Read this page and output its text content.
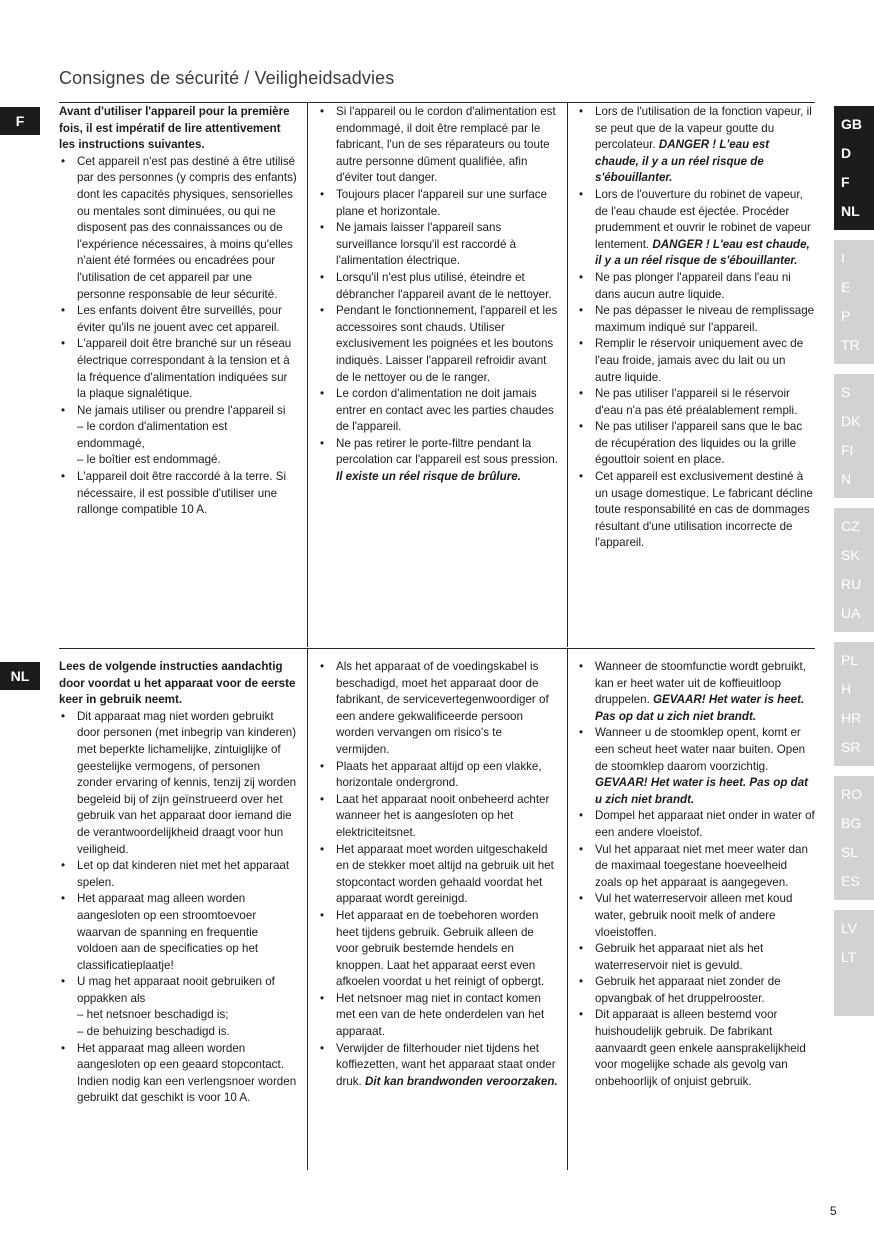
Consignes de sécurité / Veiligheidsadvies
F
Avant d'utiliser l'appareil pour la première fois, il est impératif de lire attentivement les instructions suivantes.
• Cet appareil n'est pas destiné à être utilisé par des personnes (y compris des enfants) dont les capacités physiques, sensorielles ou mentales sont diminuées, ou qui ne disposent pas des connaissances ou de l'expérience nécessaires, à moins qu'elles n'aient été formées ou encadrées pour l'utilisation de cet appareil par une personne responsable de leur sécurité.
• Les enfants doivent être surveillés, pour éviter qu'ils ne jouent avec cet appareil.
• L'appareil doit être branché sur un réseau électrique correspondant à la tension et à la fréquence d'alimentation indiquées sur la plaque signalétique.
• Ne jamais utiliser ou prendre l'appareil si
– le cordon d'alimentation est endommagé,
– le boîtier est endommagé.
• L'appareil doit être raccordé à la terre. Si nécessaire, il est possible d'utiliser une rallonge compatible 10 A.
• Si l'appareil ou le cordon d'alimentation est endommagé, il doit être remplacé par le fabricant, l'un de ses réparateurs ou toute autre personne dûment qualifiée, afin d'éviter tout danger.
• Toujours placer l'appareil sur une surface plane et horizontale.
• Ne jamais laisser l'appareil sans surveillance lorsqu'il est raccordé à l'alimentation électrique.
• Lorsqu'il n'est plus utilisé, éteindre et débrancher l'appareil avant de le nettoyer.
• Pendant le fonctionnement, l'appareil et les accessoires sont chauds. Utiliser exclusivement les poignées et les boutons indiqués. Laisser l'appareil refroidir avant de le nettoyer ou de le ranger.
• Le cordon d'alimentation ne doit jamais entrer en contact avec les parties chaudes de l'appareil.
• Ne pas retirer le porte-filtre pendant la percolation car l'appareil est sous pression. Il existe un réel risque de brûlure.
• Lors de l'utilisation de la fonction vapeur, il se peut que de la vapeur goutte du percolateur. DANGER ! L'eau est chaude, il y a un réel risque de s'ébouillanter.
• Lors de l'ouverture du robinet de vapeur, de l'eau chaude est éjectée. Procéder prudemment et ouvrir le robinet de vapeur lentement. DANGER ! L'eau est chaude, il y a un réel risque de s'ébouillanter.
• Ne pas plonger l'appareil dans l'eau ni dans aucun autre liquide.
• Ne pas dépasser le niveau de remplissage maximum indiqué sur l'appareil.
• Remplir le réservoir uniquement avec de l'eau froide, jamais avec du lait ou un autre liquide.
• Ne pas utiliser l'appareil si le réservoir d'eau n'a pas été préalablement rempli.
• Ne pas utiliser l'appareil sans que le bac de récupération des liquides ou la grille égouttoir soient en place.
• Cet appareil est exclusivement destiné à un usage domestique. Le fabricant décline toute responsabilité en cas de dommages résultant d'une utilisation incorrecte de l'appareil.
NL
Lees de volgende instructies aandachtig door voordat u het apparaat voor de eerste keer in gebruik neemt.
• Dit apparaat mag niet worden gebruikt door personen (met inbegrip van kinderen) met beperkte lichamelijke, zintuiglijke of geestelijke vermogens, of personen zonder ervaring of kennis, tenzij zij worden begeleid bij of zijn geïnstrueerd over het gebruik van het apparaat door iemand die de verantwoordelijkheid draagt voor hun veiligheid.
• Let op dat kinderen niet met het apparaat spelen.
• Het apparaat mag alleen worden aangesloten op een stroomtoevoer waarvan de spanning en frequentie voldoen aan de specificaties op het classificatieplaatje!
• U mag het apparaat nooit gebruiken of oppakken als
– het netsnoer beschadigd is;
– de behuizing beschadigd is.
• Het apparaat mag alleen worden aangesloten op een geaard stopcontact. Indien nodig kan een verlengsnoer worden gebruikt dat geschikt is voor 10 A.
• Als het apparaat of de voedingskabel is beschadigd, moet het apparaat door de fabrikant, de servicevertegenwoordiger of een andere gekwalificeerde persoon worden vervangen om risico's te vermijden.
• Plaats het apparaat altijd op een vlakke, horizontale ondergrond.
• Laat het apparaat nooit onbeheerd achter wanneer het is aangesloten op het elektriciteitsnet.
• Het apparaat moet worden uitgeschakeld en de stekker moet altijd na gebruik uit het stopcontact worden gehaald voordat het apparaat wordt gereinigd.
• Het apparaat en de toebehoren worden heet tijdens gebruik. Gebruik alleen de voor gebruik bestemde hendels en knoppen. Laat het apparaat eerst even afkoelen voordat u het reinigt of opbergt.
• Het netsnoer mag niet in contact komen met een van de hete onderdelen van het apparaat.
• Verwijder de filterhouder niet tijdens het koffiezetten, want het apparaat staat onder druk. Dit kan brandwonden veroorzaken.
• Wanneer de stoomfunctie wordt gebruikt, kan er heet water uit de koffieuitloop druppelen. GEVAAR! Het water is heet. Pas op dat u zich niet brandt.
• Wanneer u de stoomklep opent, komt er een scheut heet water naar buiten. Open de stoomklep daarom voorzichtig. GEVAAR! Het water is heet. Pas op dat u zich niet brandt.
• Dompel het apparaat niet onder in water of een andere vloeistof.
• Vul het apparaat niet met meer water dan de maximaal toegestane hoeveelheid zoals op het apparaat is aangegeven.
• Vul het waterreservoir alleen met koud water, gebruik nooit melk of andere vloeistoffen.
• Gebruik het apparaat niet als het waterreservoir niet is gevuld.
• Gebruik het apparaat niet zonder de opvangbak of het druppelrooster.
• Dit apparaat is alleen bestemd voor huishoudelijk gebruik. De fabrikant aanvaardt geen enkele aansprakelijkheid voor mogelijke schade als gevolg van onbehoorlijk of onjuist gebruik.
GB
D
F
NL
I
E
P
TR
S
DK
FI
N
CZ
SK
RU
UA
PL
H
HR
SR
RO
BG
SL
ES
LV
LT
5
